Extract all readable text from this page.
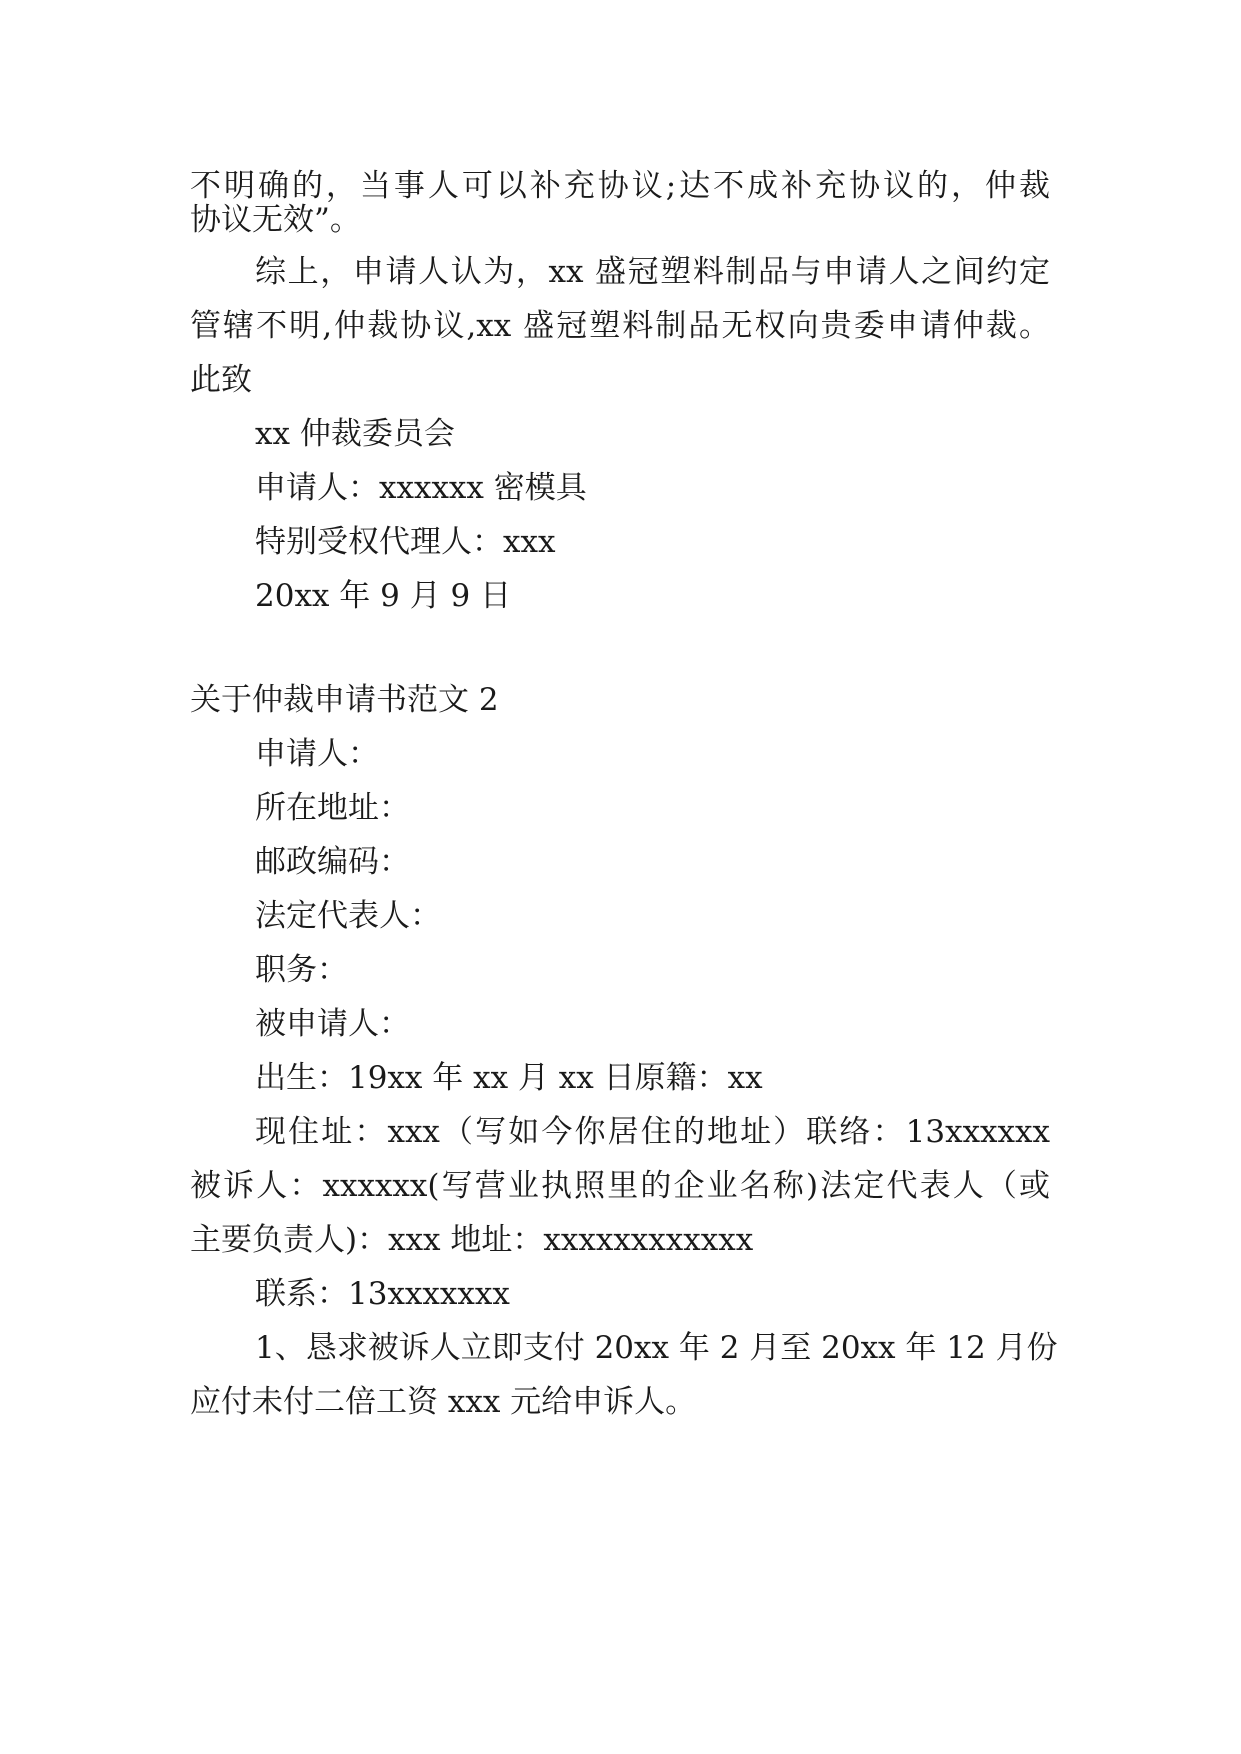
不明确的，当事人可以补充协议;达不成补充协议的，仲裁
协议无效”。
综上，申请人认为，xx 盛冠塑料制品与申请人之间约定
管辖不明,仲裁协议,xx 盛冠塑料制品无权向贵委申请仲裁。
此致
xx 仲裁委员会
申请人：xxxxxx 密模具
特别受权代理人：xxx
20xx 年 9 月 9 日
关于仲裁申请书范文 2
申请人：
所在地址：
邮政编码：
法定代表人：
职务：
被申请人：
出生：19xx 年 xx 月 xx 日原籍：xx
现住址：xxx（写如今你居住的地址）联络：13xxxxxx
被诉人：xxxxxx(写营业执照里的企业名称)法定代表人（或
主要负责人)：xxx 地址：xxxxxxxxxxxx
联系：13xxxxxxx
1、恳求被诉人立即支付 20xx 年 2 月至 20xx 年 12 月份
应付未付二倍工资 xxx 元给申诉人。
